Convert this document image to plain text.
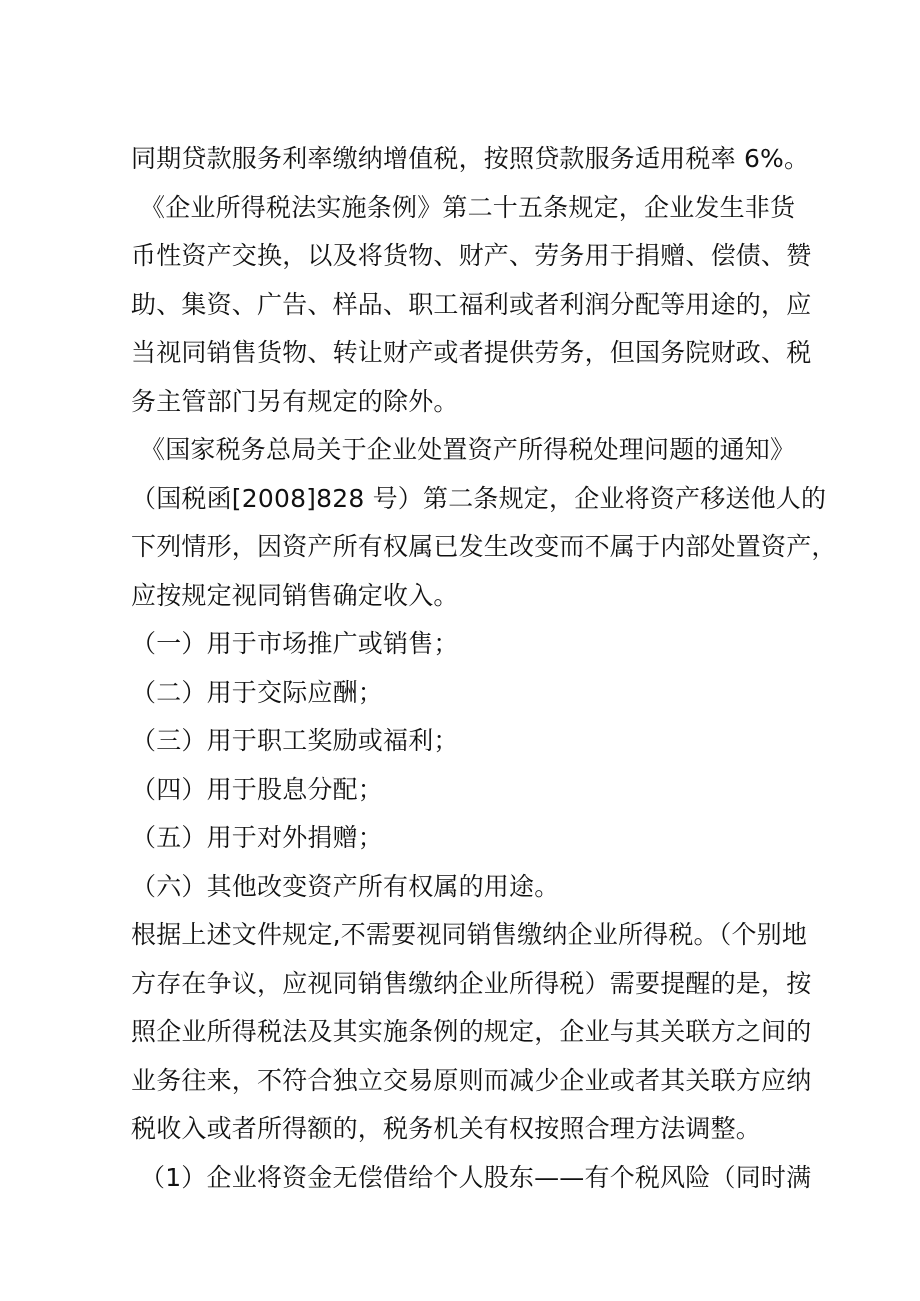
同期贷款服务利率缴纳增值税，按照贷款服务适用税率 6%。
《企业所得税法实施条例》第二十五条规定，企业发生非货
币性资产交换，以及将货物、财产、劳务用于捐赠、偿债、赞
助、集资、广告、样品、职工福利或者利润分配等用途的，应
当视同销售货物、转让财产或者提供劳务，但国务院财政、税
务主管部门另有规定的除外。
《国家税务总局关于企业处置资产所得税处理问题的通知》
（国税函[2008]828 号）第二条规定，企业将资产移送他人的
下列情形，因资产所有权属已发生改变而不属于内部处置资产，
应按规定视同销售确定收入。
（一）用于市场推广或销售；
（二）用于交际应酬；
（三）用于职工奖励或福利；
（四）用于股息分配；
（五）用于对外捐赠；
（六）其他改变资产所有权属的用途。
根据上述文件规定,不需要视同销售缴纳企业所得税。（个别地
方存在争议，应视同销售缴纳企业所得税）需要提醒的是，按
照企业所得税法及其实施条例的规定，企业与其关联方之间的
业务往来，不符合独立交易原则而减少企业或者其关联方应纳
税收入或者所得额的，税务机关有权按照合理方法调整。
（1）企业将资金无偿借给个人股东——有个税风险（同时满
